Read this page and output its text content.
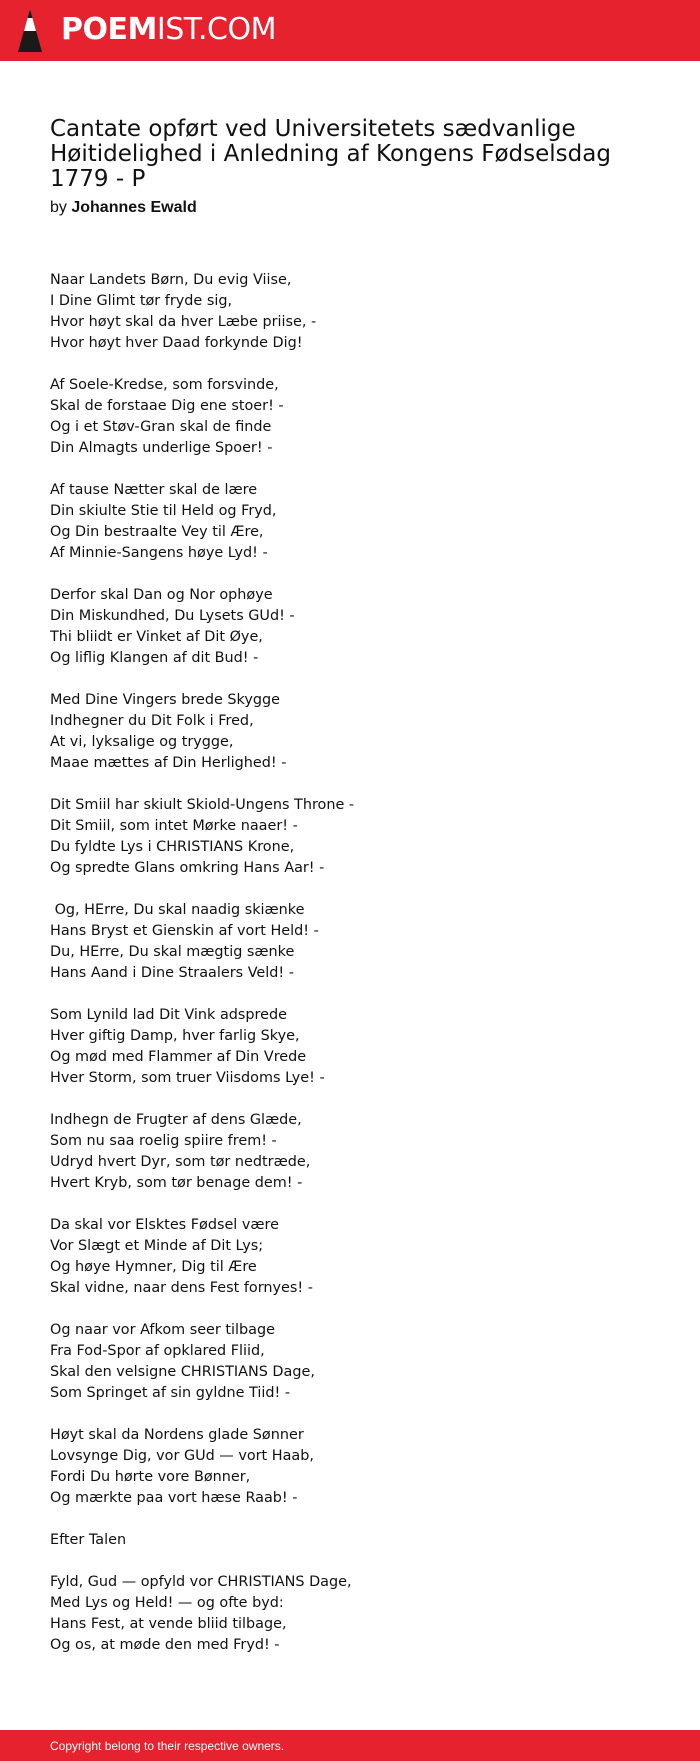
POEMIST.COM
Cantate opført ved Universitetets sædvanlige Høitidelighed i Anledning af Kongens Fødselsdag 1779 - P
by Johannes Ewald
Naar Landets Børn, Du evig Viise,
I Dine Glimt tør fryde sig,
Hvor høyt skal da hver Læbe priise, -
Hvor høyt hver Daad forkynde Dig!
Af Soele-Kredse, som forsvinde,
Skal de forstaae Dig ene stoer! -
Og i et Støv-Gran skal de finde
Din Almagts underlige Spoer! -
Af tause Nætter skal de lære
Din skiulte Stie til Held og Fryd,
Og Din bestraalte Vey til Ære,
Af Minnie-Sangens høye Lyd! -
Derfor skal Dan og Nor ophøye
Din Miskundhed, Du Lysets GUd! -
Thi bliidt er Vinket af Dit Øye,
Og liflig Klangen af dit Bud! -
Med Dine Vingers brede Skygge
Indhegner du Dit Folk i Fred,
At vi, lyksalige og trygge,
Maae mættes af Din Herlighed! -
Dit Smiil har skiult Skiold-Ungens Throne -
Dit Smiil, som intet Mørke naaer! -
Du fyldte Lys i CHRISTIANS Krone,
Og spredte Glans omkring Hans Aar! -
Og, HErre, Du skal naadig skiænke
Hans Bryst et Gienskin af vort Held! -
Du, HErre, Du skal mægtig sænke
Hans Aand i Dine Straalers Veld! -
Som Lynild lad Dit Vink adsprede
Hver giftig Damp, hver farlig Skye,
Og mød med Flammer af Din Vrede
Hver Storm, som truer Viisdoms Lye! -
Indhegn de Frugter af dens Glæde,
Som nu saa roelig spiire frem! -
Udryd hvert Dyr, som tør nedtræde,
Hvert Kryb, som tør benage dem! -
Da skal vor Elsktes Fødsel være
Vor Slægt et Minde af Dit Lys;
Og høye Hymner, Dig til Ære
Skal vidne, naar dens Fest fornyes! -
Og naar vor Afkom seer tilbage
Fra Fod-Spor af opklared Fliid,
Skal den velsigne CHRISTIANS Dage,
Som Springet af sin gyldne Tiid! -
Høyt skal da Nordens glade Sønner
Lovsynge Dig, vor GUd — vort Haab,
Fordi Du hørte vore Bønner,
Og mærkte paa vort hæse Raab! -
Efter Talen
Fyld, Gud — opfyld vor CHRISTIANS Dage,
Med Lys og Held! — og ofte byd:
Hans Fest, at vende bliid tilbage,
Og os, at møde den med Fryd! -
Copyright belong to their respective owners.
